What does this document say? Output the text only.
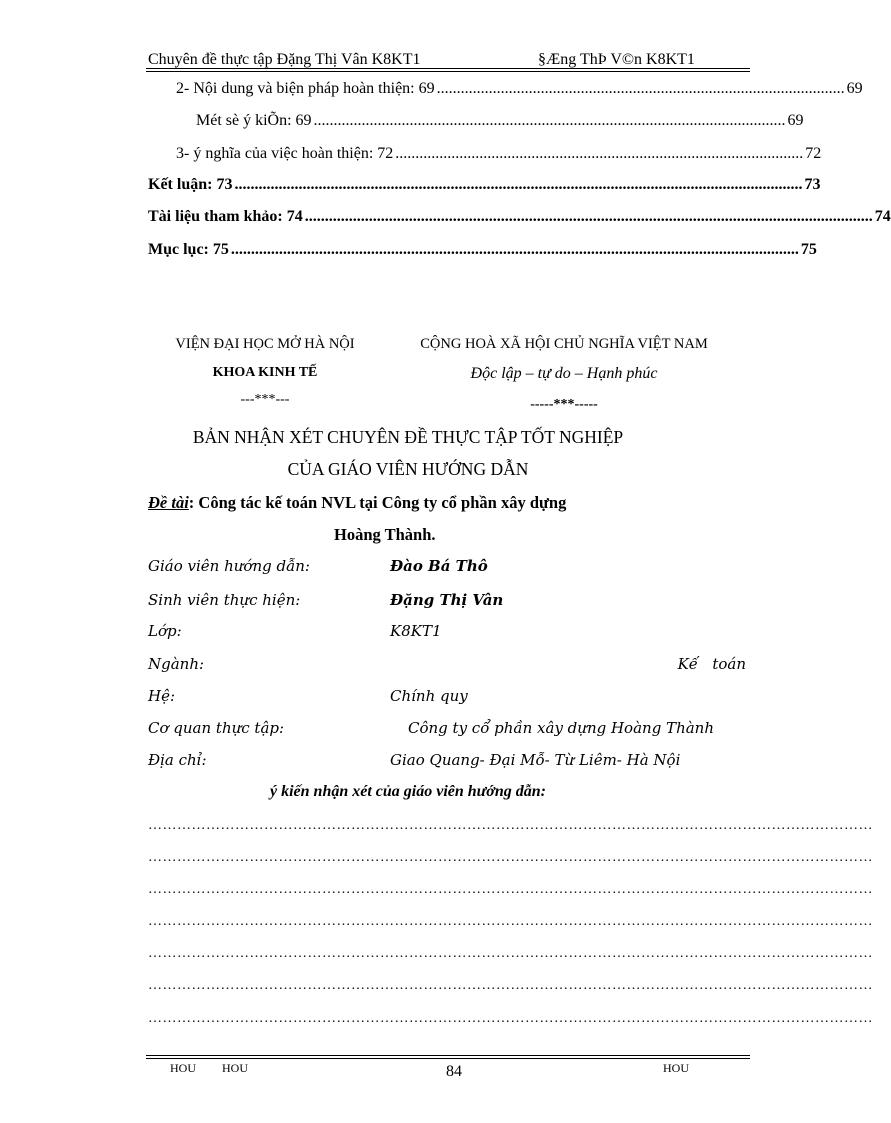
Chuyên đề thực tập Đặng Thị Vân K8KT1	§Æng ThÞ V©n K8KT1
2- Nội dung và biện pháp hoàn thiện: 69 ...................................................................................................... 69
Mét sè ý kiÕn: 69 ...................................................................................................................... 69
3- ý nghĩa của việc hoàn thiện: 72 ...................................................................................................... 72
Kết luận: 73 .............................................................................................................................................. 73
Tài liệu tham khảo: 74 .............................................................................................................................................. 74
Mục lục: 75 .............................................................................................................................................. 75
VIỆN ĐẠI HỌC MỞ HÀ NỘI
KHOA KINH TẾ
---***---
CỘNG HOÀ XÃ HỘI CHỦ NGHĨA VIỆT NAM
Độc lập – tự do – Hạnh phúc
-----***-----
BẢN NHẬN XÉT CHUYÊN ĐỀ THỰC TẬP TỐT NGHIỆP
CỦA GIÁO VIÊN HƯỚNG DẪN
Đề tài: Công tác kế toán NVL tại Công ty cổ phần xây dựng
Hoàng Thành.
Giáo viên hướng dẫn:	Đào Bá Thô
Sinh viên thực hiện:	Đặng Thị Vân
Lớp:	K8KT1
Ngành:	Kế   toán
Hệ:	Chính quy
Cơ quan thực tập:	Công ty cổ phần xây dựng Hoàng Thành
Địa chỉ:	Giao Quang- Đại Mỗ- Từ Liêm- Hà Nội
ý kiến nhận xét của giáo viên hướng dẫn:
……………………………………………………………………………………………………………………………………
……………………………………………………………………………………………………………………………………
……………………………………………………………………………………………………………………………………
……………………………………………………………………………………………………………………………………
……………………………………………………………………………………………………………………………………
……………………………………………………………………………………………………………………………………
……………………………………………………………………………………………………………………………………
HOU HOU	84	HOU
